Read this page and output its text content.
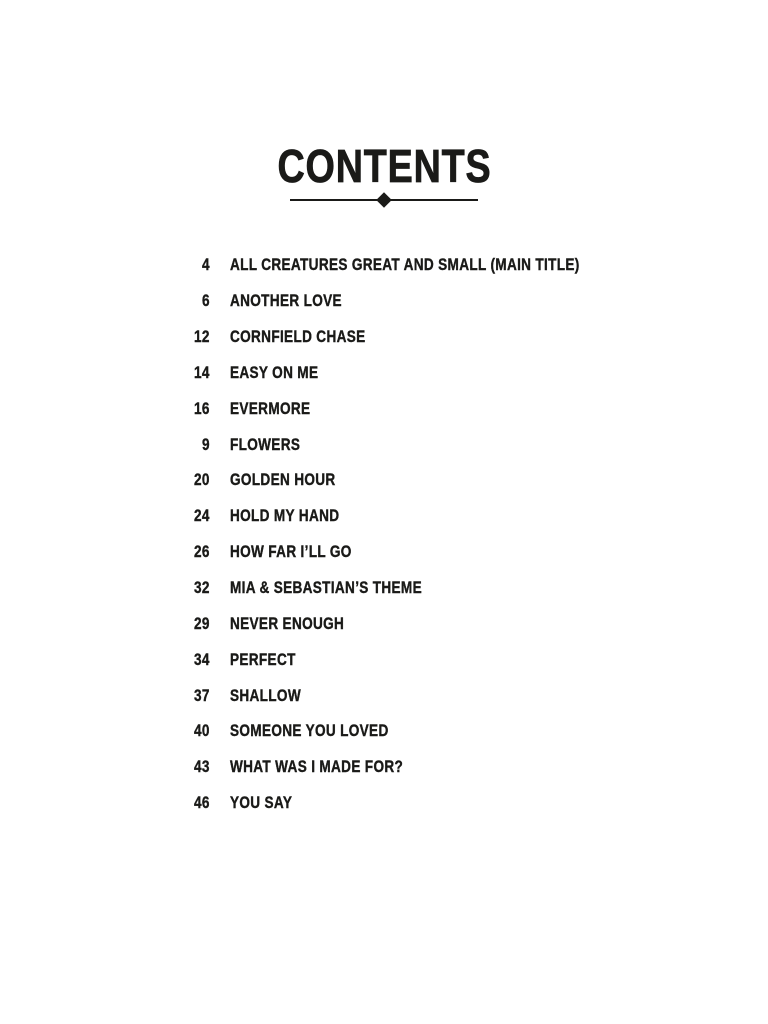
CONTENTS
4 ALL CREATURES GREAT AND SMALL (MAIN TITLE)
6 ANOTHER LOVE
12 CORNFIELD CHASE
14 EASY ON ME
16 EVERMORE
9 FLOWERS
20 GOLDEN HOUR
24 HOLD MY HAND
26 HOW FAR I’LL GO
32 MIA & SEBASTIAN’S THEME
29 NEVER ENOUGH
34 PERFECT
37 SHALLOW
40 SOMEONE YOU LOVED
43 WHAT WAS I MADE FOR?
46 YOU SAY
